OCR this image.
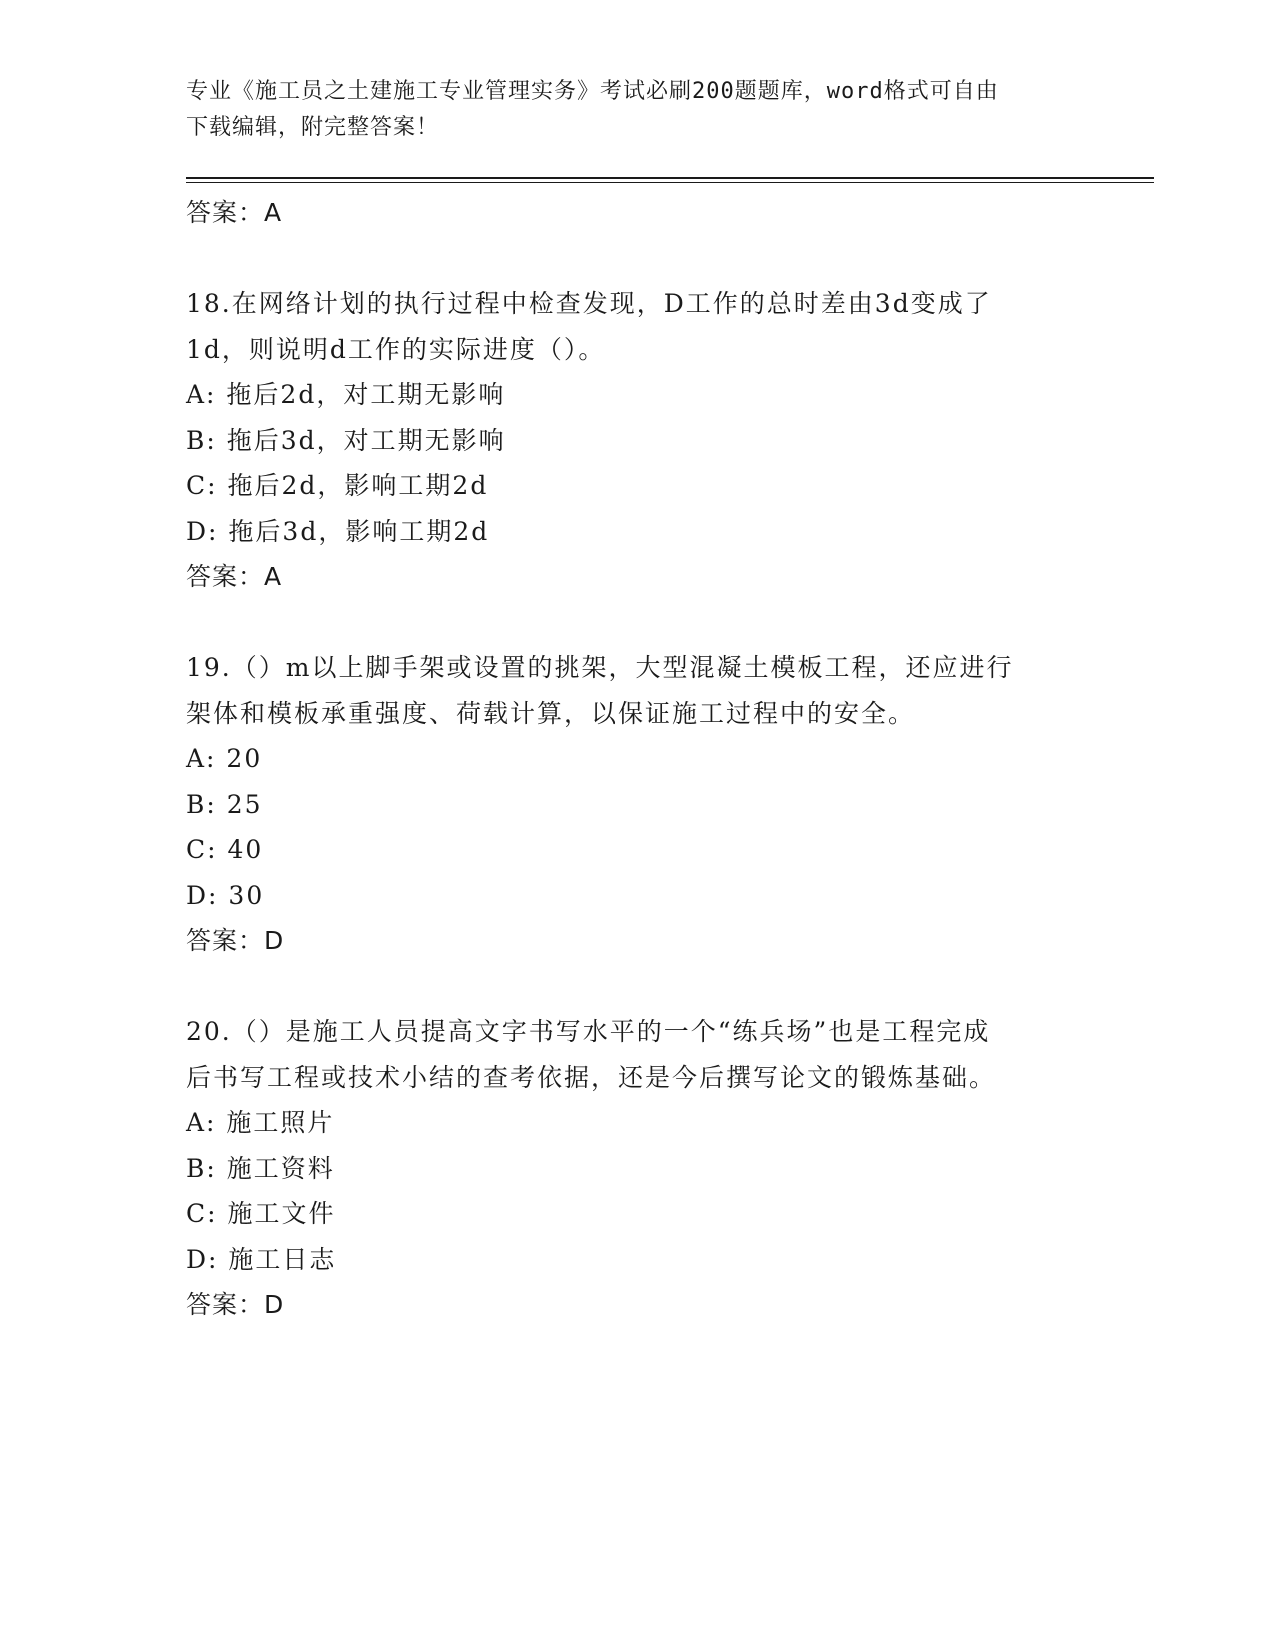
专业《施工员之土建施工专业管理实务》考试必刷200题题库，word格式可自由
下载编辑，附完整答案！
答案：A
18.在网络计划的执行过程中检查发现，D工作的总时差由3d变成了
1d，则说明d工作的实际进度（）。
A: 拖后2d，对工期无影响
B: 拖后3d，对工期无影响
C: 拖后2d，影响工期2d
D: 拖后3d，影响工期2d
答案：A
19.（）m以上脚手架或设置的挑架，大型混凝土模板工程，还应进行
架体和模板承重强度、荷载计算，以保证施工过程中的安全。
A: 20
B: 25
C: 40
D: 30
答案：D
20.（）是施工人员提高文字书写水平的一个“练兵场”也是工程完成
后书写工程或技术小结的查考依据，还是今后撰写论文的锻炼基础。
A: 施工照片
B: 施工资料
C: 施工文件
D: 施工日志
答案：D
